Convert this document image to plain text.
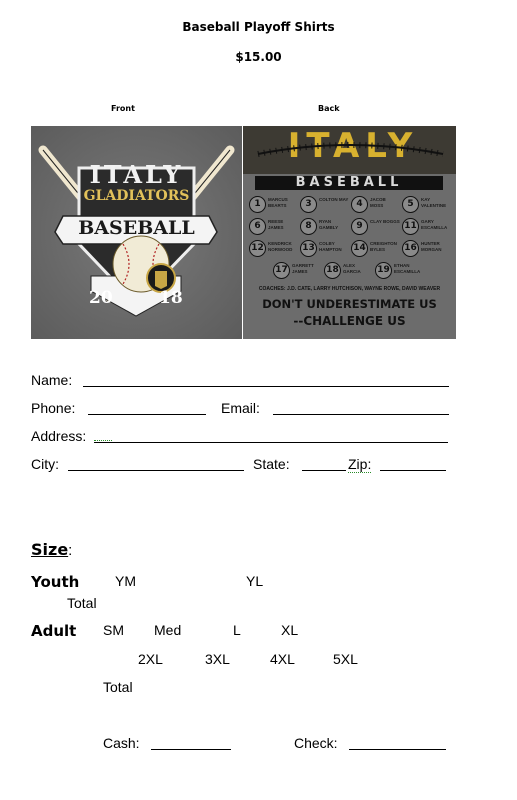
Baseball Playoff Shirts
$15.00
Front	Back
ITALY
GLADIATORS
BASEBALL
20	18
ITALY
BASEBALL
1	MARCUS BEARTS	3	COLTON MAY 4	JACOB MOSS	5	KAY VALENTINE
6	REESE JAMES	8	RYAN GAMBLY	9	CLAY BOGGS 11 GARY ESCAMILLA
12 KENDRICK NORWOOD	13 COLBY HAMPTON	14 CREIGHTON BYLES	16 HUNTER MORGAN
17 GARRETT JAMES	18 ALEX GARCIA	19 ETHAN ESCAMILLA
COACHES: J.D. CATE, LARRY HUTCHISON, WAYNE ROWE, DAVID WEAVER
DON'T UNDERESTIMATE US
--CHALLENGE US
Name:
Phone:	Email:
Address:
City:	State:	Zip:
Size:
Youth	YM	YL
Total
Adult SM Med	L	XL
2XL	3XL	4XL	5XL
Total
Cash:	Check:
